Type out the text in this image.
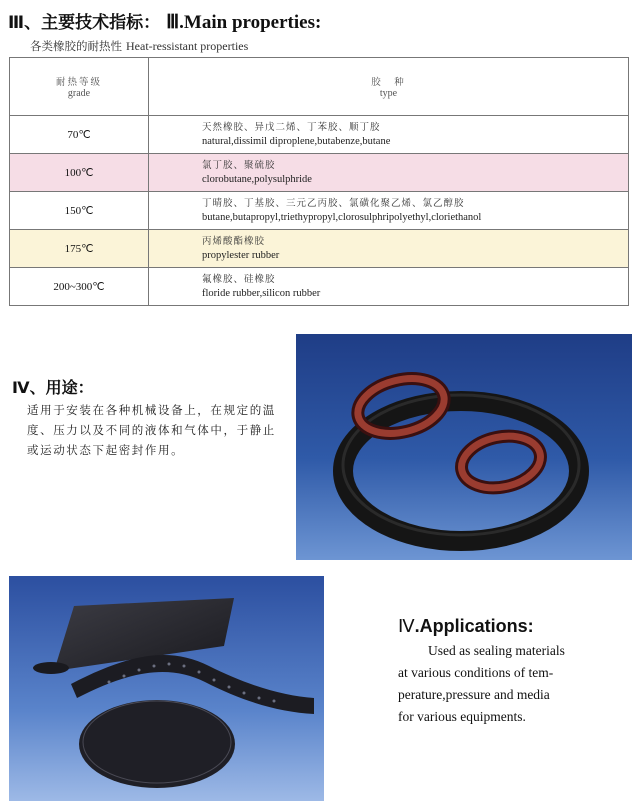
Ⅲ、主要技术指标： Ⅲ.Main properties:
各类橡胶的耐热性 Heat-ressistant properties
耐热等级
grade	胶　种
type

70℃	天然橡胶、异戊二烯、丁苯胶、顺丁胶
natural,dissimil diproplene,butabenze,butane

100℃	氯丁胶、聚硫胶
clorobutane,polysulphride

150℃	丁晴胶、丁基胶、三元乙丙胶、氯磺化聚乙烯、氯乙醇胶
butane,butapropyl,triethypropyl,clorosulphripolyethyl,cloriethanol

175℃	丙烯酸酯橡胶
propylester rubber

200~300℃	氟橡胶、硅橡胶
floride rubber,silicon rubber
Ⅳ、用途：
适用于安装在各种机械设备上，在规定的温度、压力以及不同的液体和气体中，于静止或运动状态下起密封作用。
Ⅳ.Applications:
Used as sealing materials
at various conditions of tem-
perature,pressure and media
for various equipments.
